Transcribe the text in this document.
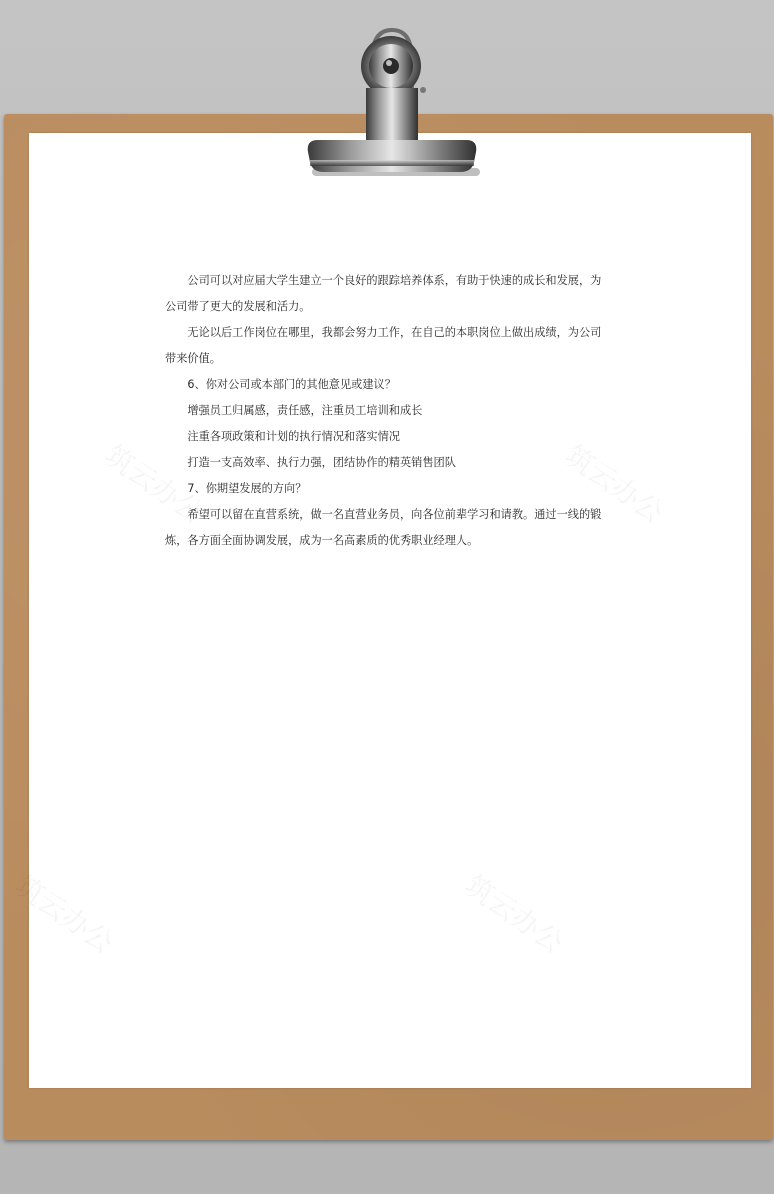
公司可以对应届大学生建立一个良好的跟踪培养体系，有助于快速的成长和发展，为公司带了更大的发展和活力。

无论以后工作岗位在哪里，我都会努力工作，在自己的本职岗位上做出成绩，为公司带来价值。

6、你对公司或本部门的其他意见或建议？

增强员工归属感，责任感，注重员工培训和成长

注重各项政策和计划的执行情况和落实情况

打造一支高效率、执行力强，团结协作的精英销售团队

7、你期望发展的方向？

希望可以留在直营系统，做一名直营业务员，向各位前辈学习和请教。通过一线的锻炼，各方面全面协调发展，成为一名高素质的优秀职业经理人。
